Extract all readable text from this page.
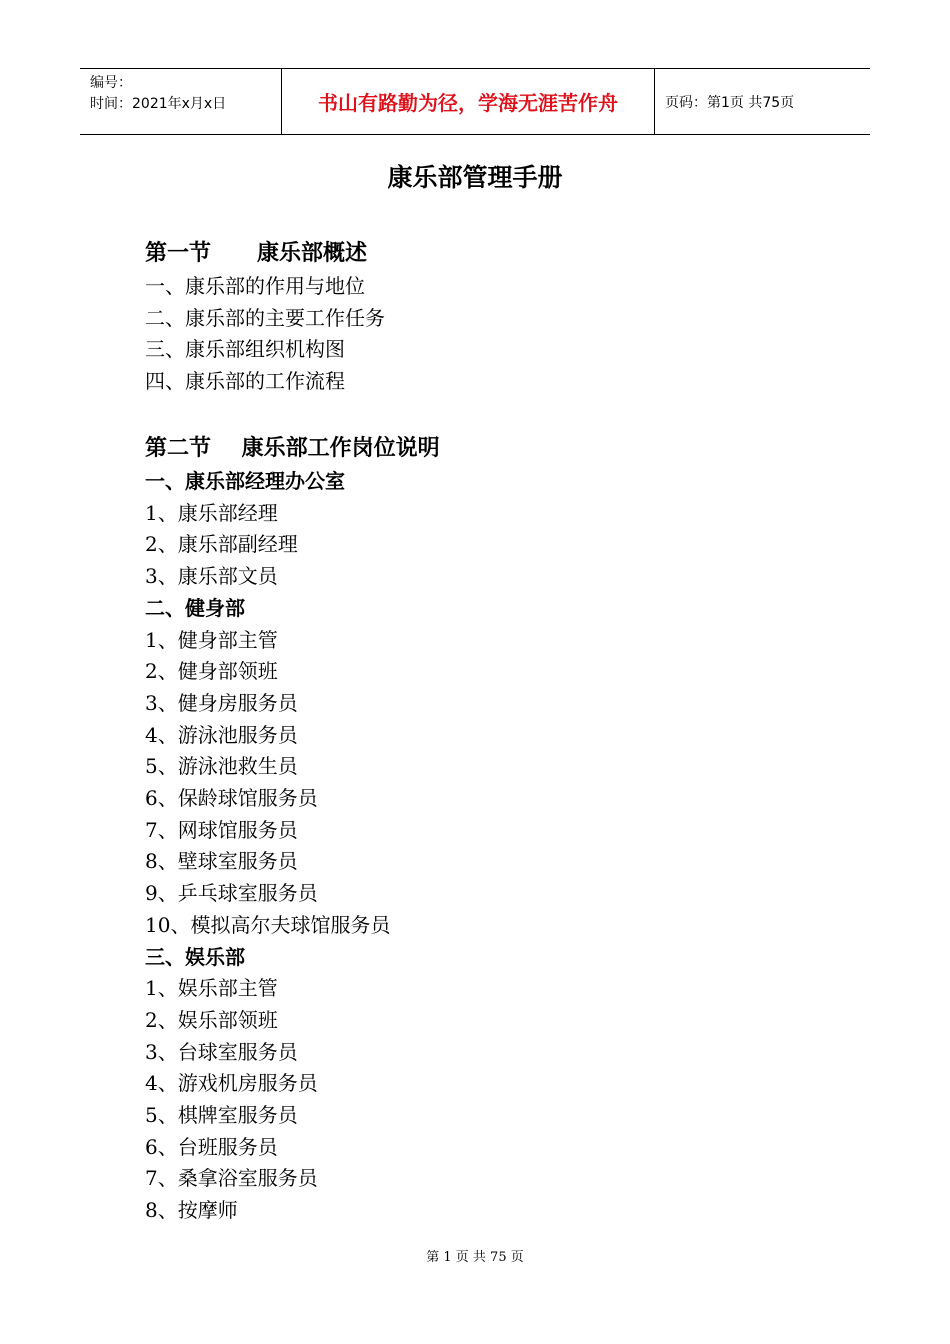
编号：
时间：2021年x月x日	书山有路勤为径，学海无涯苦作舟	页码：第1页 共75页
康乐部管理手册
第一节      康乐部概述
一、康乐部的作用与地位
二、康乐部的主要工作任务
三、康乐部组织机构图
四、康乐部的工作流程
第二节    康乐部工作岗位说明
一、康乐部经理办公室
1、康乐部经理
2、康乐部副经理
3、康乐部文员
二、健身部
1、健身部主管
2、健身部领班
3、健身房服务员
4、游泳池服务员
5、游泳池救生员
6、保龄球馆服务员
7、网球馆服务员
8、壁球室服务员
9、乒乓球室服务员
10、模拟高尔夫球馆服务员
三、娱乐部
1、娱乐部主管
2、娱乐部领班
3、台球室服务员
4、游戏机房服务员
5、棋牌室服务员
6、台班服务员
7、桑拿浴室服务员
8、按摩师
第 1 页 共 75 页
